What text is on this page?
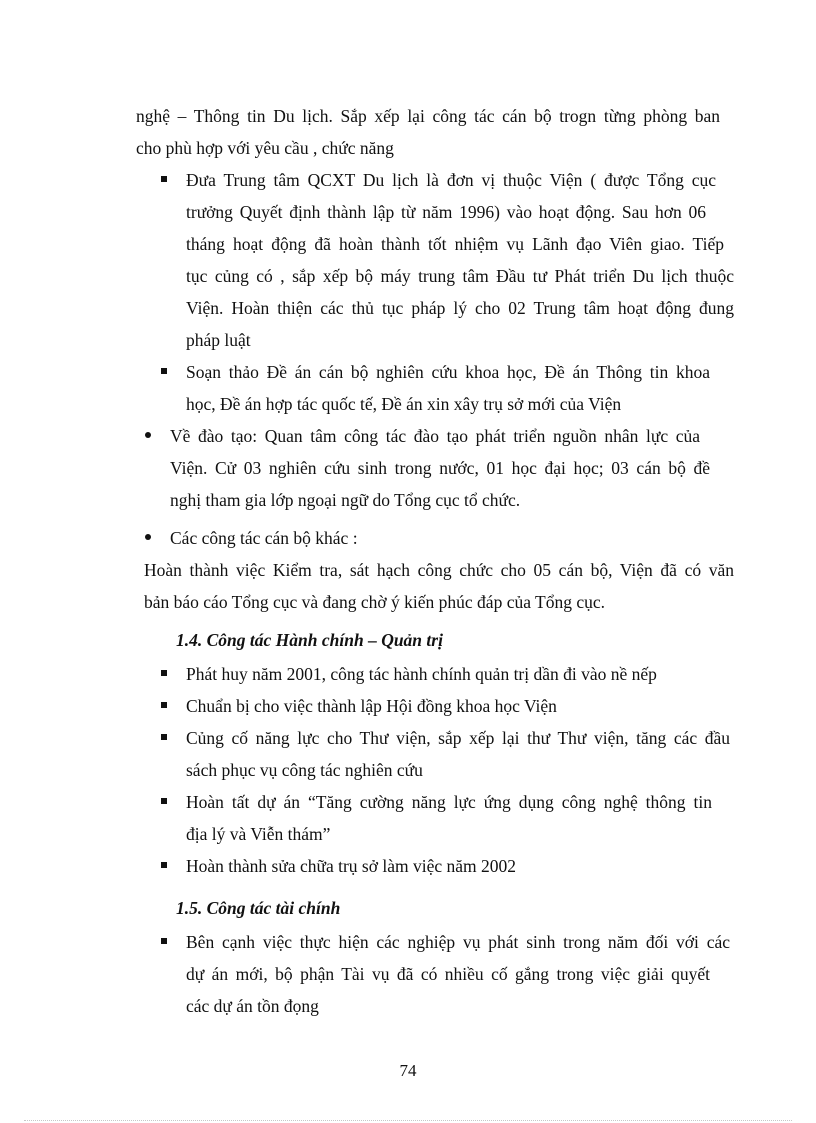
nghệ – Thông tin Du lịch. Sắp xếp lại công tác cán bộ trogn từng phòng ban

cho phù hợp với yêu cầu , chức năng

Đưa Trung tâm QCXT Du lịch là đơn vị thuộc Viện ( được Tổng cục

trưởng Quyết định thành lập từ năm 1996) vào hoạt động. Sau hơn 06

tháng hoạt động đã hoàn thành tốt nhiệm vụ Lãnh đạo Viên giao. Tiếp

tục củng có , sắp xếp bộ máy trung tâm Đầu tư Phát triển Du lịch thuộc

Viện. Hoàn thiện các thủ tục pháp lý cho 02 Trung tâm hoạt động đung

pháp luật

Soạn thảo Đề án cán bộ nghiên cứu khoa học, Đề án Thông tin khoa

học, Đề án hợp tác quốc tế, Đề án xin xây trụ sở mới của Viện

Về đào tạo: Quan tâm công tác đào tạo phát triển nguồn nhân lực của

Viện. Cử 03 nghiên cứu sinh trong nước, 01 học đại học; 03 cán bộ đề

nghị tham gia lớp ngoại ngữ do Tổng cục tổ chức.

Các công tác cán bộ khác :

Hoàn thành việc Kiểm tra, sát hạch công chức cho 05 cán bộ, Viện đã có văn

bản báo cáo Tổng cục và đang chờ ý kiến phúc đáp của Tổng cục.

1.4. Công tác Hành chính – Quản trị

Phát huy năm 2001, công tác hành chính quản trị dần đi vào nề nếp

Chuẩn bị cho việc thành lập Hội đồng khoa học Viện

Củng cố năng lực cho Thư viện, sắp xếp lại thư Thư viện, tăng các đầu

sách phục vụ công tác nghiên cứu

Hoàn tất dự án “Tăng cường năng lực ứng dụng công nghệ thông tin

địa lý và Viễn thám”

Hoàn thành sửa chữa trụ sở làm việc năm 2002

1.5. Công tác tài chính

Bên cạnh việc thực hiện các nghiệp vụ phát sinh trong năm đối với các

dự án mới, bộ phận Tài vụ đã có nhiều cố gắng trong việc giải quyết

các dự án tồn đọng

74
